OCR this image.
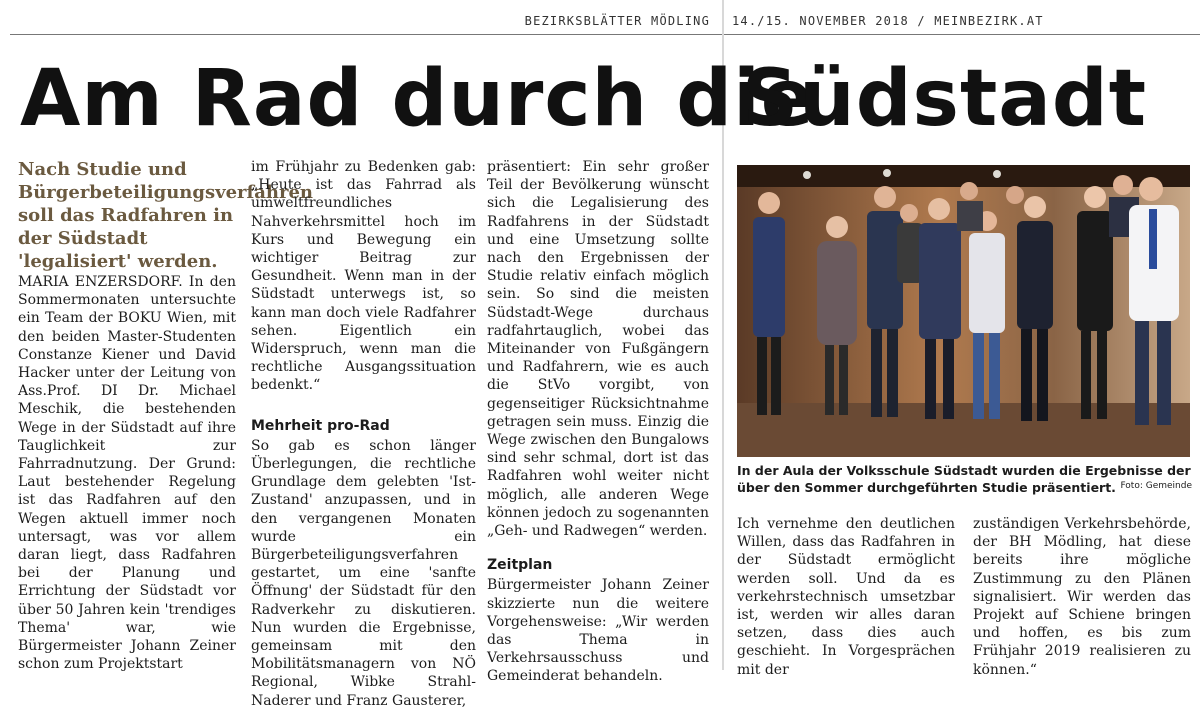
BEZIRKSBLÄTTER MÖDLING 14./15. NOVEMBER 2018 / MEINBEZIRK.AT
Am Rad durch die
Südstadt

Nach Studie und Bürgerbeteiligungsverfahren soll das Radfahren in der Südstadt 'legalisiert' werden.

MARIA ENZERSDORF. In den Sommermonaten untersuchte ein Team der BOKU Wien, mit den beiden Master-Studenten Constanze Kiener und David Hacker unter der Leitung von Ass.Prof. DI Dr. Michael Meschik, die bestehenden Wege in der Südstadt auf ihre Tauglichkeit zur Fahrradnutzung. Der Grund: Laut bestehender Regelung ist das Radfahren auf den Wegen aktuell immer noch untersagt, was vor allem daran liegt, dass Radfahren bei der Planung und Errichtung der Südstadt vor über 50 Jahren kein 'trendiges Thema' war, wie Bürgermeister Johann Zeiner schon zum Projektstart

im Frühjahr zu Bedenken gab: „Heute ist das Fahrrad als umweltfreundliches Nahverkehrsmittel hoch im Kurs und Bewegung ein wichtiger Beitrag zur Gesundheit. Wenn man in der Südstadt unterwegs ist, so kann man doch viele Radfahrer sehen. Eigentlich ein Widerspruch, wenn man die rechtliche Ausgangssituation bedenkt.“

Mehrheit pro-Rad

So gab es schon länger Überlegungen, die rechtliche Grundlage dem gelebten 'Ist-Zustand' anzupassen, und in den vergangenen Monaten wurde ein Bürgerbeteiligungsverfahren gestartet, um eine 'sanfte Öffnung' der Südstadt für den Radverkehr zu diskutieren. Nun wurden die Ergebnisse, gemeinsam mit den Mobilitätsmanagern von NÖ Regional, Wibke Strahl-Naderer und Franz Gausterer,

präsentiert: Ein sehr großer Teil der Bevölkerung wünscht sich die Legalisierung des Radfahrens in der Südstadt und eine Umsetzung sollte nach den Ergebnissen der Studie relativ einfach möglich sein. So sind die meisten Südstadt-Wege durchaus radfahrtauglich, wobei das Miteinander von Fußgängern und Radfahrern, wie es auch die StVo vorgibt, von gegenseitiger Rücksichtnahme getragen sein muss. Einzig die Wege zwischen den Bungalows sind sehr schmal, dort ist das Radfahren wohl weiter nicht möglich, alle anderen Wege können jedoch zu sogenannten „Geh- und Radwegen“ werden.

Zeitplan

Bürgermeister Johann Zeiner skizzierte nun die weitere Vorgehensweise: „Wir werden das Thema in Verkehrsausschuss und Gemeinderat behandeln.

In der Aula der Volksschule Südstadt wurden die Ergebnisse der über den Sommer durchgeführten Studie präsentiert. Foto: Gemeinde

Ich vernehme den deutlichen Willen, dass das Radfahren in der Südstadt ermöglicht werden soll. Und da es verkehrstechnisch umsetzbar ist, werden wir alles daran setzen, dass dies auch geschieht. In Vorgesprächen mit der

zuständigen Verkehrsbehörde, der BH Mödling, hat diese bereits ihre mögliche Zustimmung zu den Plänen signalisiert. Wir werden das Projekt auf Schiene bringen und hoffen, es bis zum Frühjahr 2019 realisieren zu können.“
